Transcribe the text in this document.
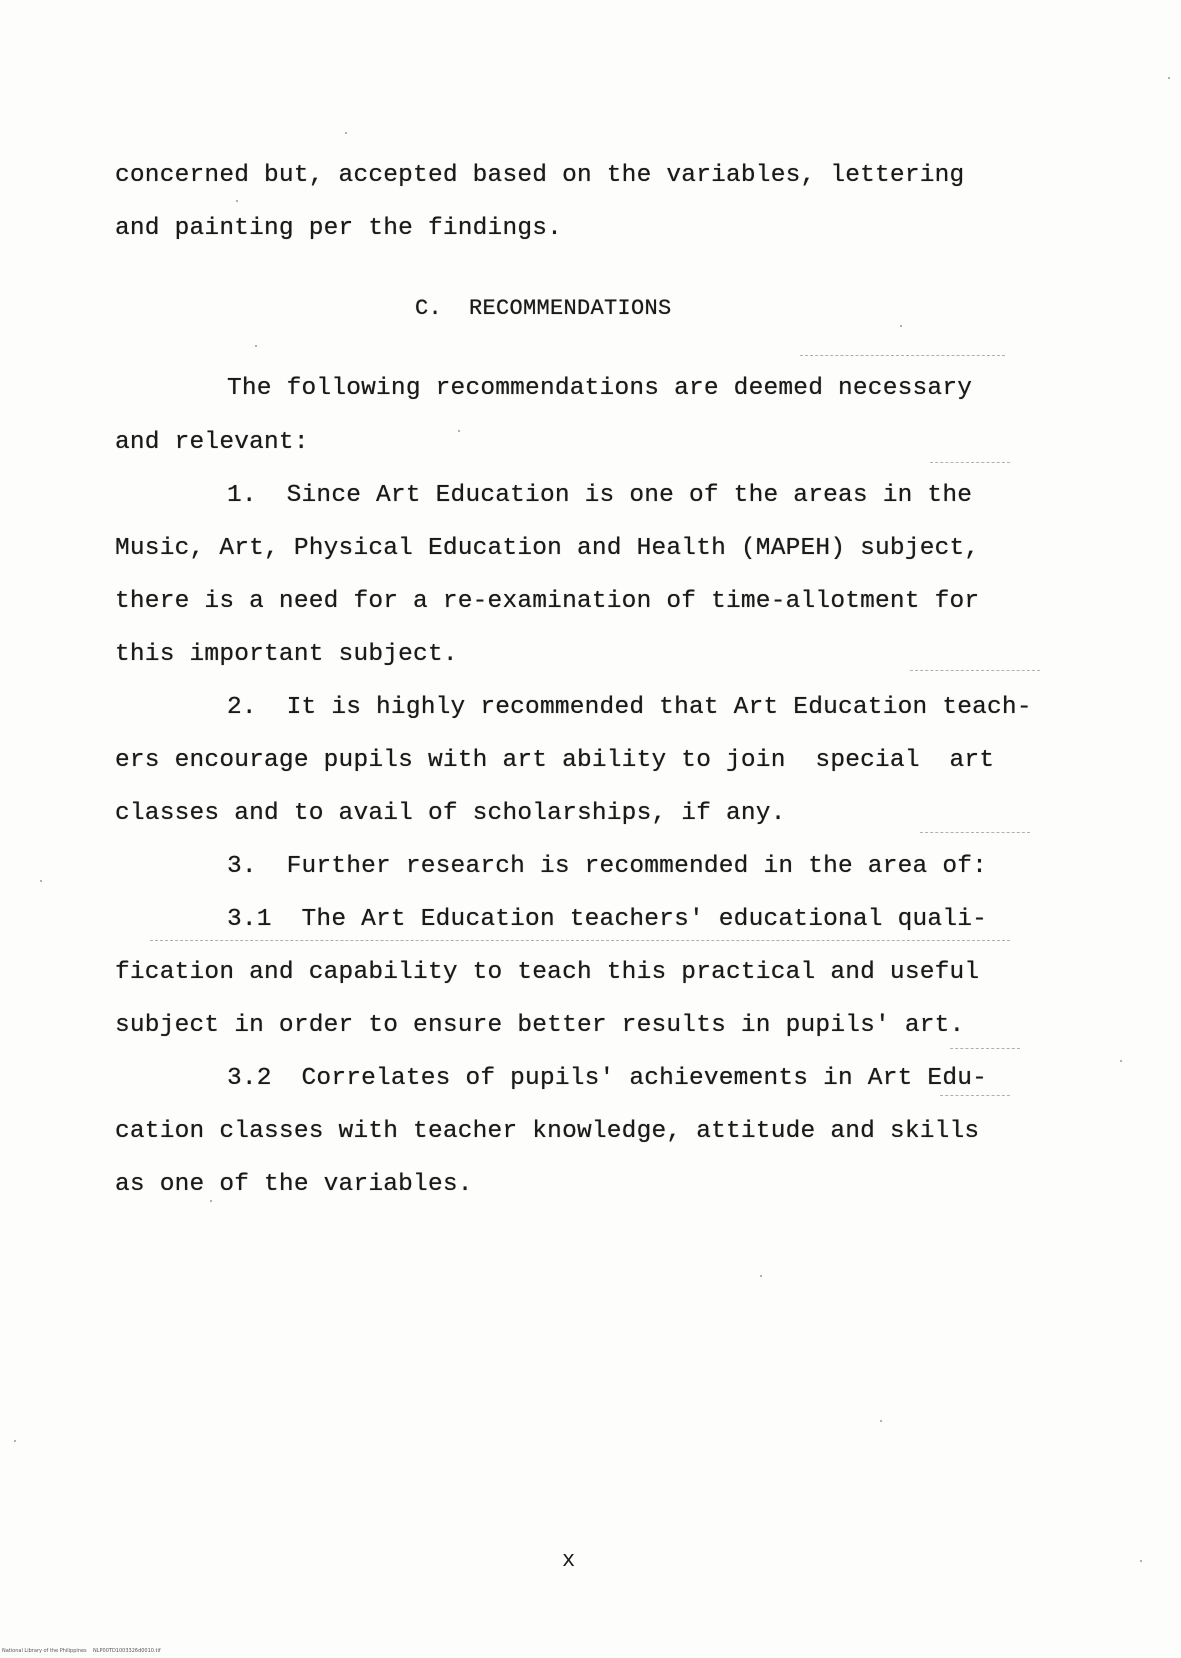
concerned but, accepted based on the variables, lettering
and painting per the findings.
C.  RECOMMENDATIONS
The following recommendations are deemed necessary
and relevant:
1.  Since Art Education is one of the areas in the
Music, Art, Physical Education and Health (MAPEH) subject,
there is a need for a re-examination of time-allotment for
this important subject.
2.  It is highly recommended that Art Education teach-
ers encourage pupils with art ability to join  special  art
classes and to avail of scholarships, if any.
3.  Further research is recommended in the area of:
3.1  The Art Education teachers' educational quali-
fication and capability to teach this practical and useful
subject in order to ensure better results in pupils' art.
3.2  Correlates of pupils' achievements in Art Edu-
cation classes with teacher knowledge, attitude and skills
as one of the variables.
x
National Library of the Philippines    NLP00TD1003326d0010.tif
